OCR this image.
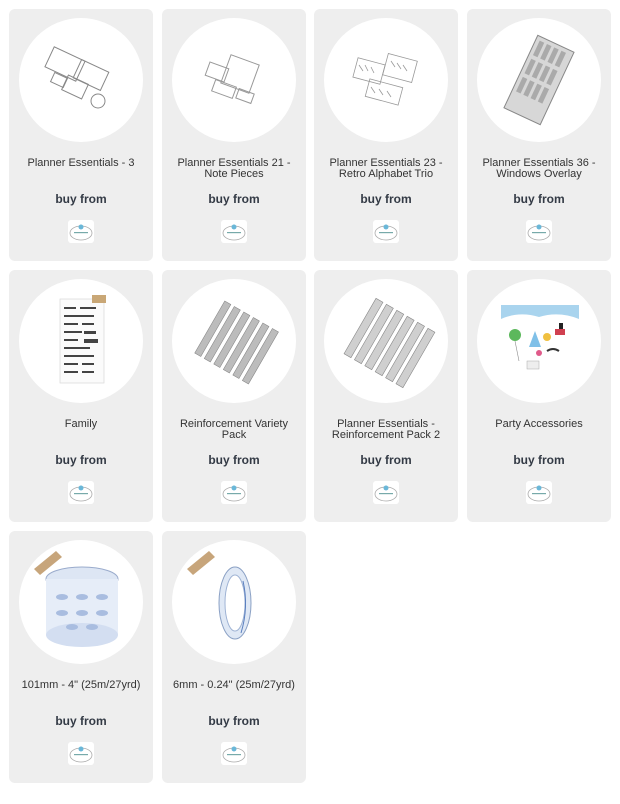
Planner Essentials - 3
buy from
Planner Essentials 21 - Note Pieces
buy from
Planner Essentials 23 - Retro Alphabet Trio
buy from
Planner Essentials 36 - Windows Overlay
buy from
Family
buy from
Reinforcement Variety Pack
buy from
Planner Essentials - Reinforcement Pack 2
buy from
Party Accessories
buy from
101mm - 4" (25m/27yrd)
buy from
6mm - 0.24" (25m/27yrd)
buy from
